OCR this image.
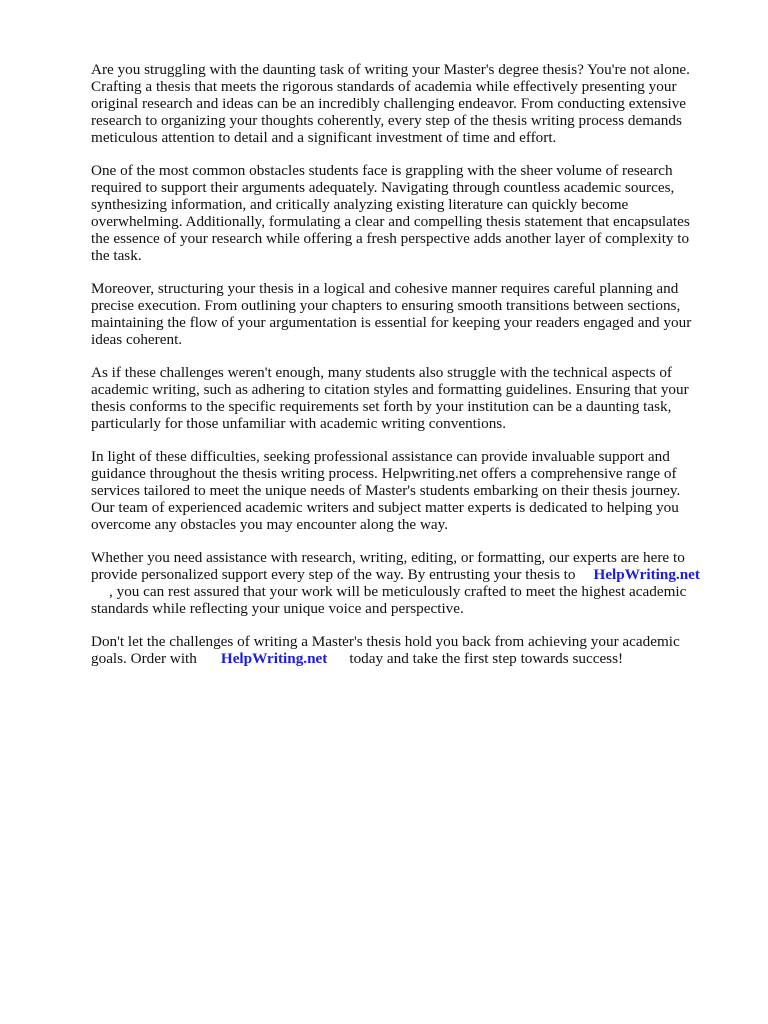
Are you struggling with the daunting task of writing your Master's degree thesis? You're not alone.
Crafting a thesis that meets the rigorous standards of academia while effectively presenting your
original research and ideas can be an incredibly challenging endeavor. From conducting extensive
research to organizing your thoughts coherently, every step of the thesis writing process demands
meticulous attention to detail and a significant investment of time and effort.

One of the most common obstacles students face is grappling with the sheer volume of research
required to support their arguments adequately. Navigating through countless academic sources,
synthesizing information, and critically analyzing existing literature can quickly become
overwhelming. Additionally, formulating a clear and compelling thesis statement that encapsulates
the essence of your research while offering a fresh perspective adds another layer of complexity to
the task.

Moreover, structuring your thesis in a logical and cohesive manner requires careful planning and
precise execution. From outlining your chapters to ensuring smooth transitions between sections,
maintaining the flow of your argumentation is essential for keeping your readers engaged and your
ideas coherent.

As if these challenges weren't enough, many students also struggle with the technical aspects of
academic writing, such as adhering to citation styles and formatting guidelines. Ensuring that your
thesis conforms to the specific requirements set forth by your institution can be a daunting task,
particularly for those unfamiliar with academic writing conventions.

In light of these difficulties, seeking professional assistance can provide invaluable support and
guidance throughout the thesis writing process. Helpwriting.net offers a comprehensive range of
services tailored to meet the unique needs of Master's students embarking on their thesis journey.
Our team of experienced academic writers and subject matter experts is dedicated to helping you
overcome any obstacles you may encounter along the way.

Whether you need assistance with research, writing, editing, or formatting, our experts are here to
provide personalized support every step of the way. By entrusting your thesis to HelpWriting.net
, you can rest assured that your work will be meticulously crafted to meet the highest academic
standards while reflecting your unique voice and perspective.

Don't let the challenges of writing a Master's thesis hold you back from achieving your academic
goals. Order with HelpWriting.net today and take the first step towards success!
